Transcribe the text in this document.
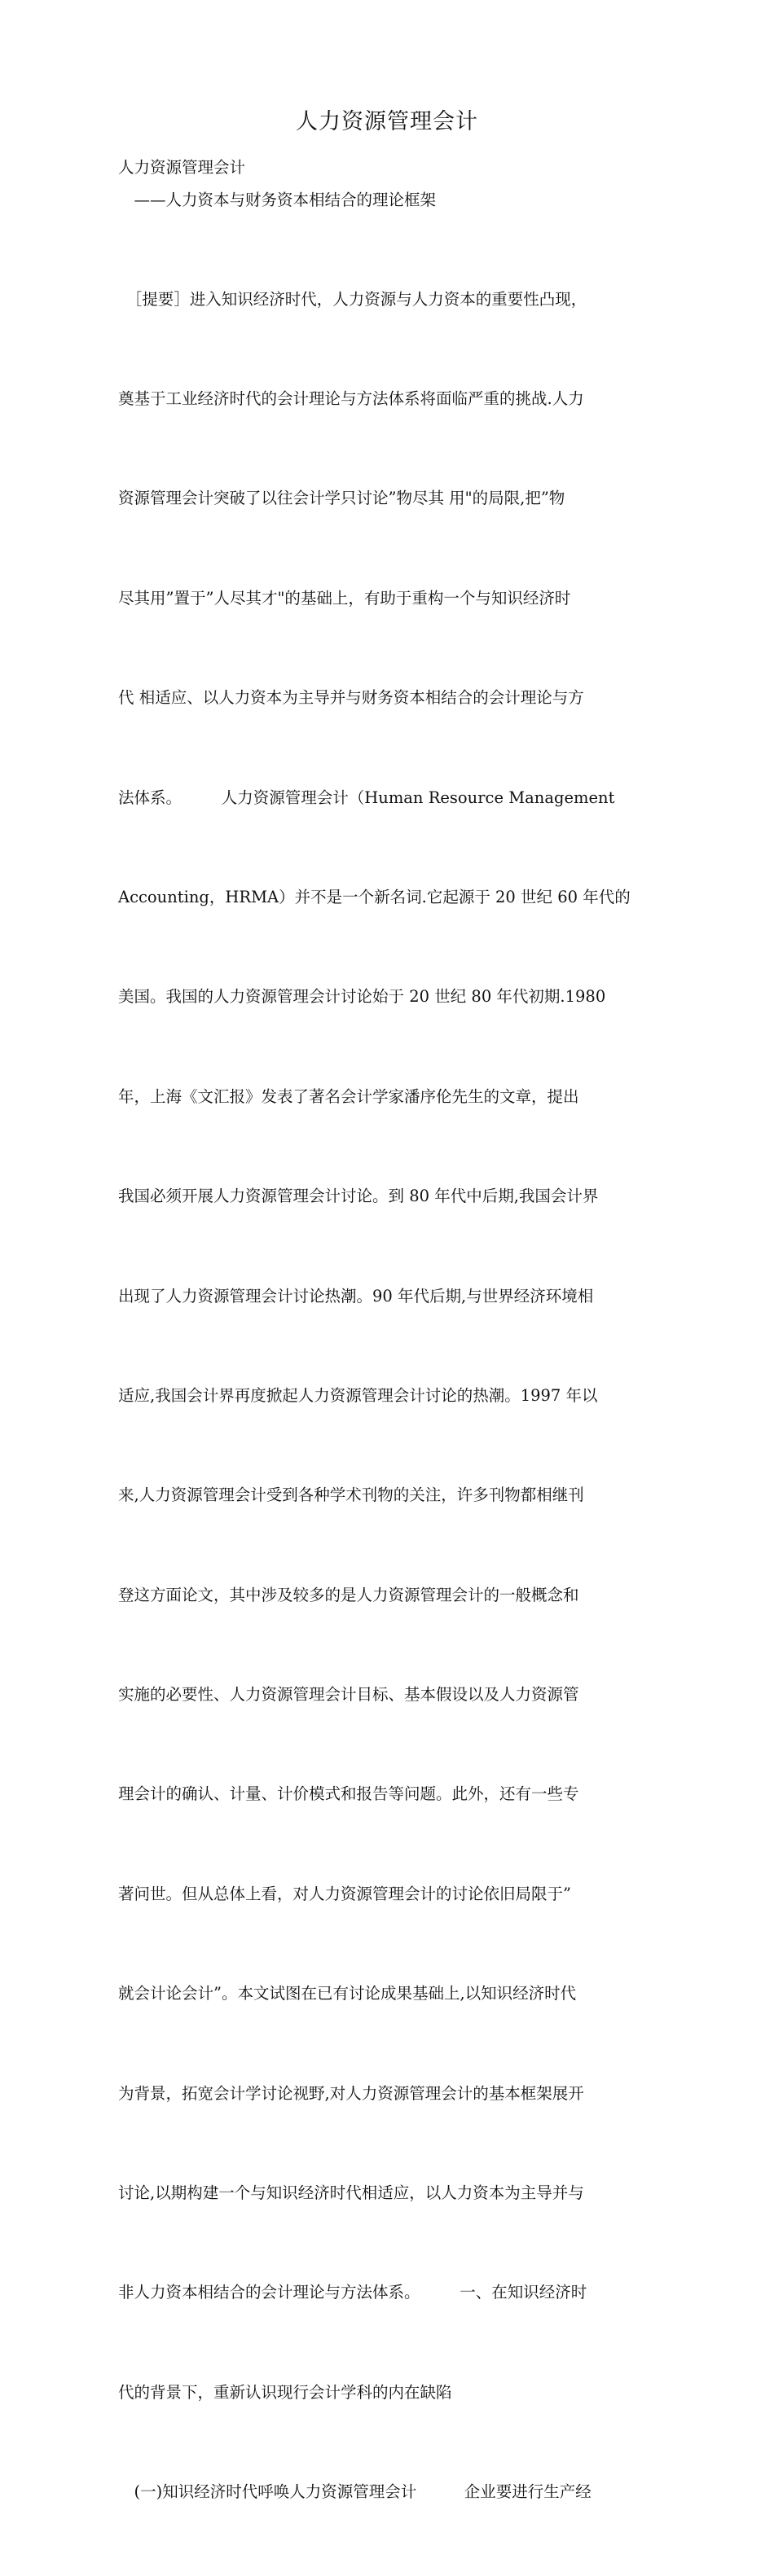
人力资源管理会计
人力资源管理会计
　——人力资本与财务资本相结合的理论框架

　［提要］进入知识经济时代，人力资源与人力资本的重要性凸现，

奠基于工业经济时代的会计理论与方法体系将面临严重的挑战.人力

资源管理会计突破了以往会计学只讨论”物尽其 用"的局限,把”物

尽其用”置于”人尽其才"的基础上，有助于重构一个与知识经济时

代 相适应、以人力资本为主导并与财务资本相结合的会计理论与方

法体系。　　　人力资源管理会计（Human Resource Management

Accounting，HRMA）并不是一个新名词.它起源于 20 世纪 60 年代的

美国。我国的人力资源管理会计讨论始于 20 世纪 80 年代初期.1980

年，上海《文汇报》发表了著名会计学家潘序伦先生的文章，提出

我国必须开展人力资源管理会计讨论。到 80 年代中后期,我国会计界

出现了人力资源管理会计讨论热潮。90 年代后期,与世界经济环境相

适应,我国会计界再度掀起人力资源管理会计讨论的热潮。1997 年以

来,人力资源管理会计受到各种学术刊物的关注，许多刊物都相继刊

登这方面论文，其中涉及较多的是人力资源管理会计的一般概念和

实施的必要性、人力资源管理会计目标、基本假设以及人力资源管

理会计的确认、计量、计价模式和报告等问题。此外，还有一些专

著问世。但从总体上看，对人力资源管理会计的讨论依旧局限于”

就会计论会计”。本文试图在已有讨论成果基础上,以知识经济时代

为背景，拓宽会计学讨论视野,对人力资源管理会计的基本框架展开

讨论,以期构建一个与知识经济时代相适应，以人力资本为主导并与

非人力资本相结合的会计理论与方法体系。　　　一、在知识经济时

代的背景下，重新认识现行会计学科的内在缺陷

　(一)知识经济时代呼唤人力资源管理会计　　　企业要进行生产经
